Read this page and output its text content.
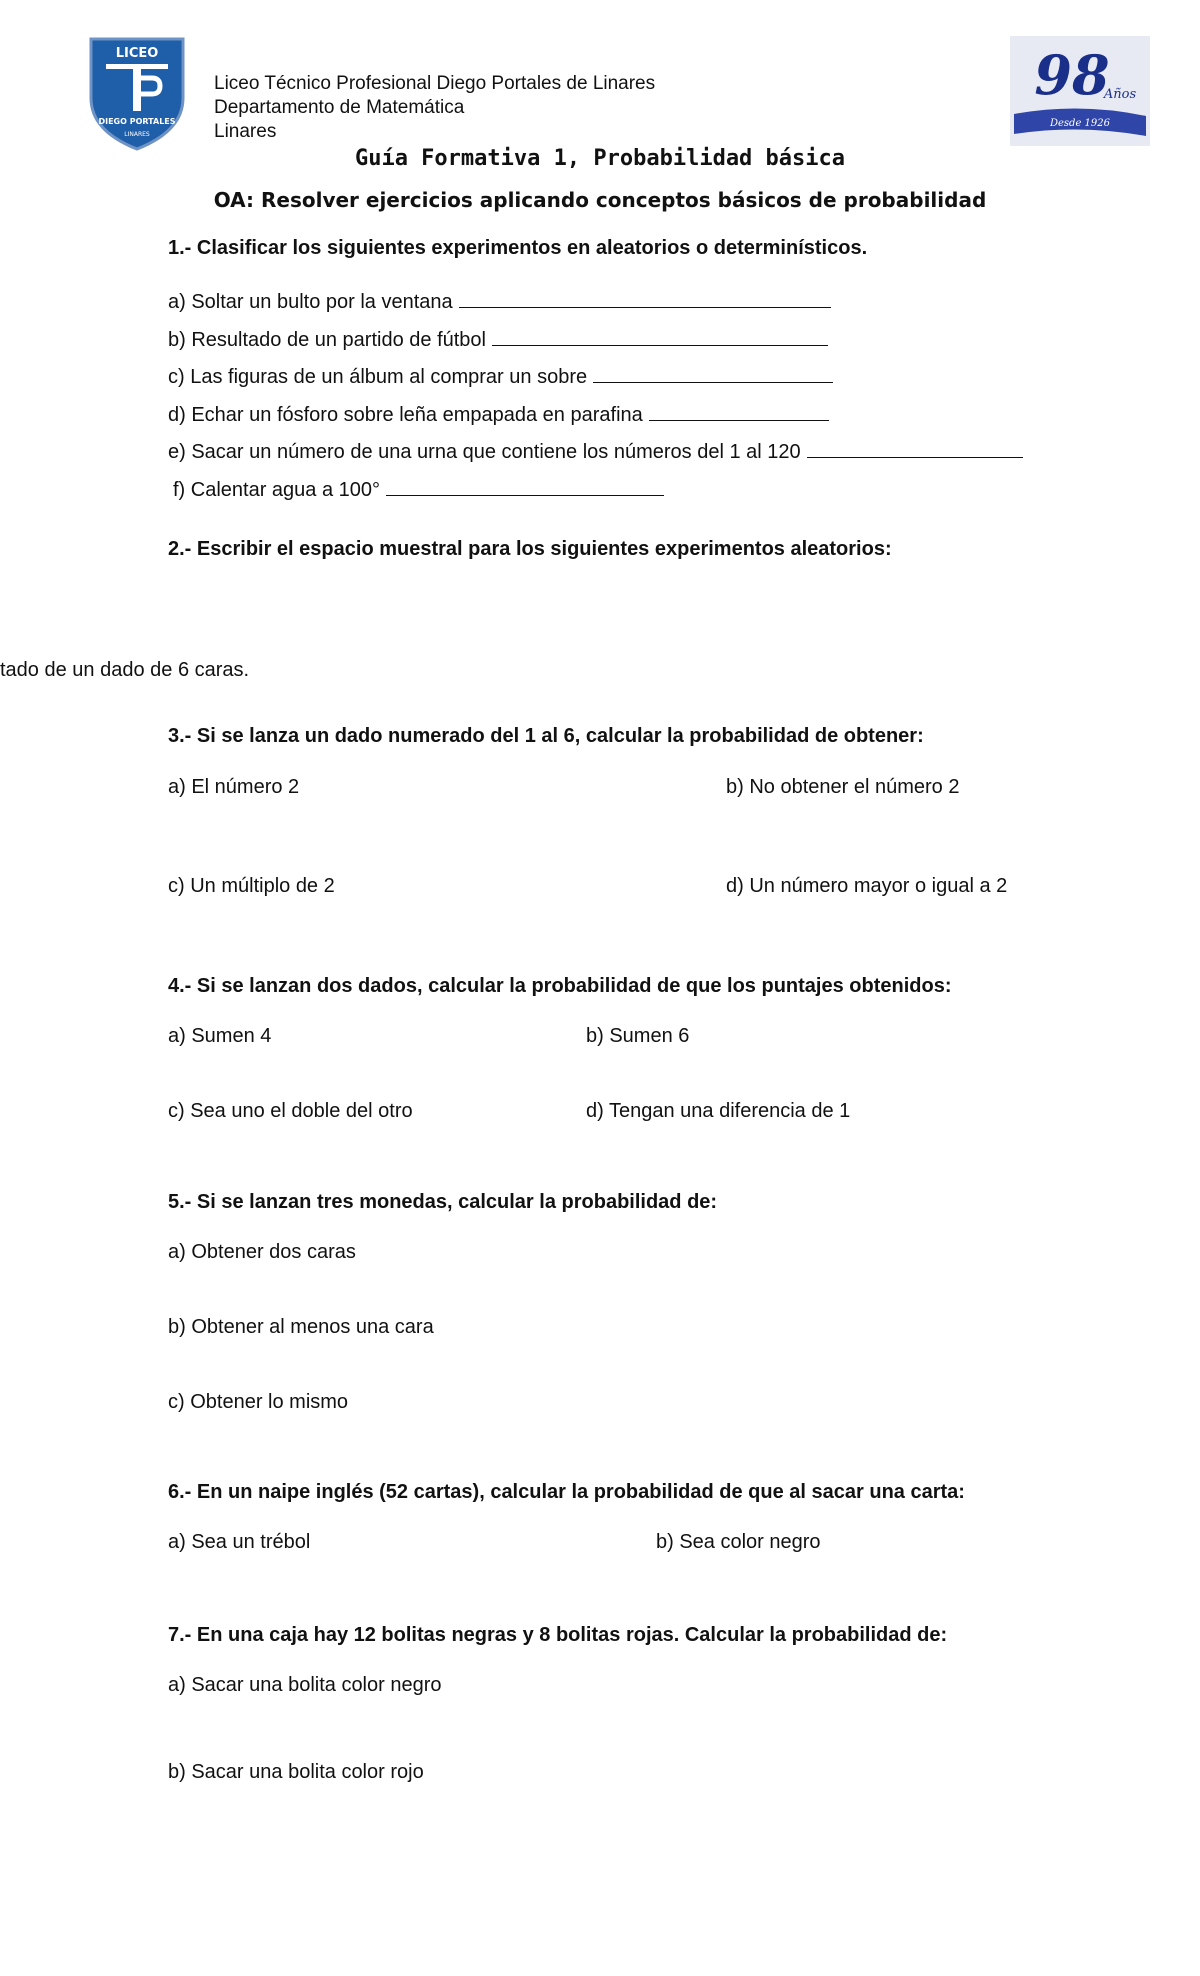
LICEO
DIEGO PORTALES
LINARES
Liceo Técnico Profesional Diego Portales de Linares
Departamento de Matemática
Linares
98
Años
Desde 1926
Guía Formativa 1, Probabilidad básica
OA: Resolver ejercicios aplicando conceptos básicos de probabilidad
1.- Clasificar los siguientes experimentos en aleatorios o determinísticos.
a) Soltar un bulto por la ventana
b) Resultado de un partido de fútbol
c) Las figuras de un álbum al comprar un sobre
d) Echar un fósforo sobre leña empapada en parafina
e) Sacar un número de una urna que contiene los números del 1 al 120
f) Calentar agua a 100°
2.- Escribir el espacio muestral para los siguientes experimentos aleatorios:
tado de un dado de 6 caras.
3.- Si se lanza un dado numerado del 1 al 6, calcular la probabilidad de obtener:
a) El número 2	b) No obtener el número 2
c) Un múltiplo de 2	d) Un número mayor o igual a 2
4.- Si se lanzan dos dados, calcular la probabilidad de que los puntajes obtenidos:
a) Sumen 4	b) Sumen 6
c) Sea uno el doble del otro	d) Tengan una diferencia de 1
5.- Si se lanzan tres monedas, calcular la probabilidad de:
a) Obtener dos caras
b) Obtener al menos una cara
c) Obtener lo mismo
6.- En un naipe inglés (52 cartas), calcular la probabilidad de que al sacar una carta:
a) Sea un trébol	b) Sea color negro
7.- En una caja hay 12 bolitas negras y 8 bolitas rojas. Calcular la probabilidad de:
a) Sacar una bolita color negro
b) Sacar una bolita color rojo
